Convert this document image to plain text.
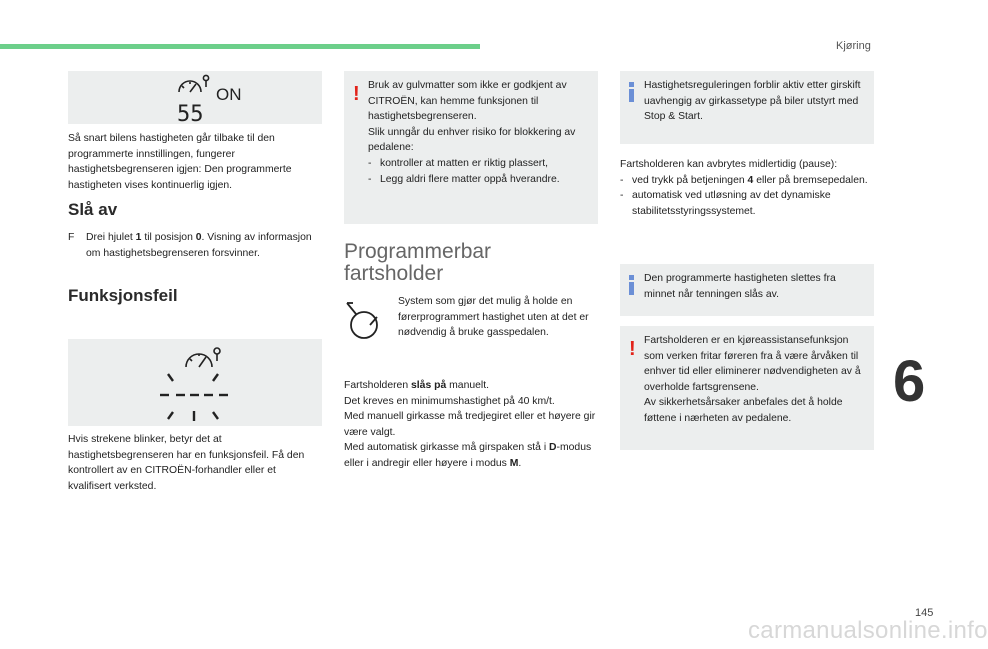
Kjøring
ON
55
Så snart bilens hastigheten går tilbake til den programmerte innstillingen, fungerer hastighetsbegrenseren igjen: Den programmerte hastigheten vises kontinuerlig igjen.
Slå av
F	Drei hjulet 1 til posisjon 0. Visning av informasjon om hastighetsbegrenseren forsvinner.
Funksjonsfeil
Hvis strekene blinker, betyr det at hastighetsbegrenseren har en funksjonsfeil. Få den kontrollert av en CITROËN-forhandler eller et kvalifisert verksted.
! Bruk av gulvmatter som ikke er godkjent av CITROËN, kan hemme funksjonen til hastighetsbegrenseren.
Slik unngår du enhver risiko for blokkering av pedalene:
- kontroller at matten er riktig plassert,
- Legg aldri flere matter oppå hverandre.
Programmerbar fartsholder
System som gjør det mulig å holde en førerprogrammert hastighet uten at det er nødvendig å bruke gasspedalen.
Fartsholderen slås på manuelt.
Det kreves en minimumshastighet på 40 km/t.
Med manuell girkasse må tredjegiret eller et høyere gir være valgt.
Med automatisk girkasse må girspaken stå i D-modus eller i andregir eller høyere i modus M.
Hastighetsreguleringen forblir aktiv etter girskift uavhengig av girkassetype på biler utstyrt med Stop & Start.
Fartsholderen kan avbrytes midlertidig (pause):
- ved trykk på betjeningen 4 eller på bremsepedalen.
- automatisk ved utløsning av det dynamiske stabilitetsstyringssystemet.
Den programmerte hastigheten slettes fra minnet når tenningen slås av.
! Fartsholderen er en kjøreassistansefunksjon som verken fritar føreren fra å være årvåken til enhver tid eller eliminerer nødvendigheten av å overholde fartsgrensene.
Av sikkerhetsårsaker anbefales det å holde føttene i nærheten av pedalene.
6
145
carmanualsonline.info
